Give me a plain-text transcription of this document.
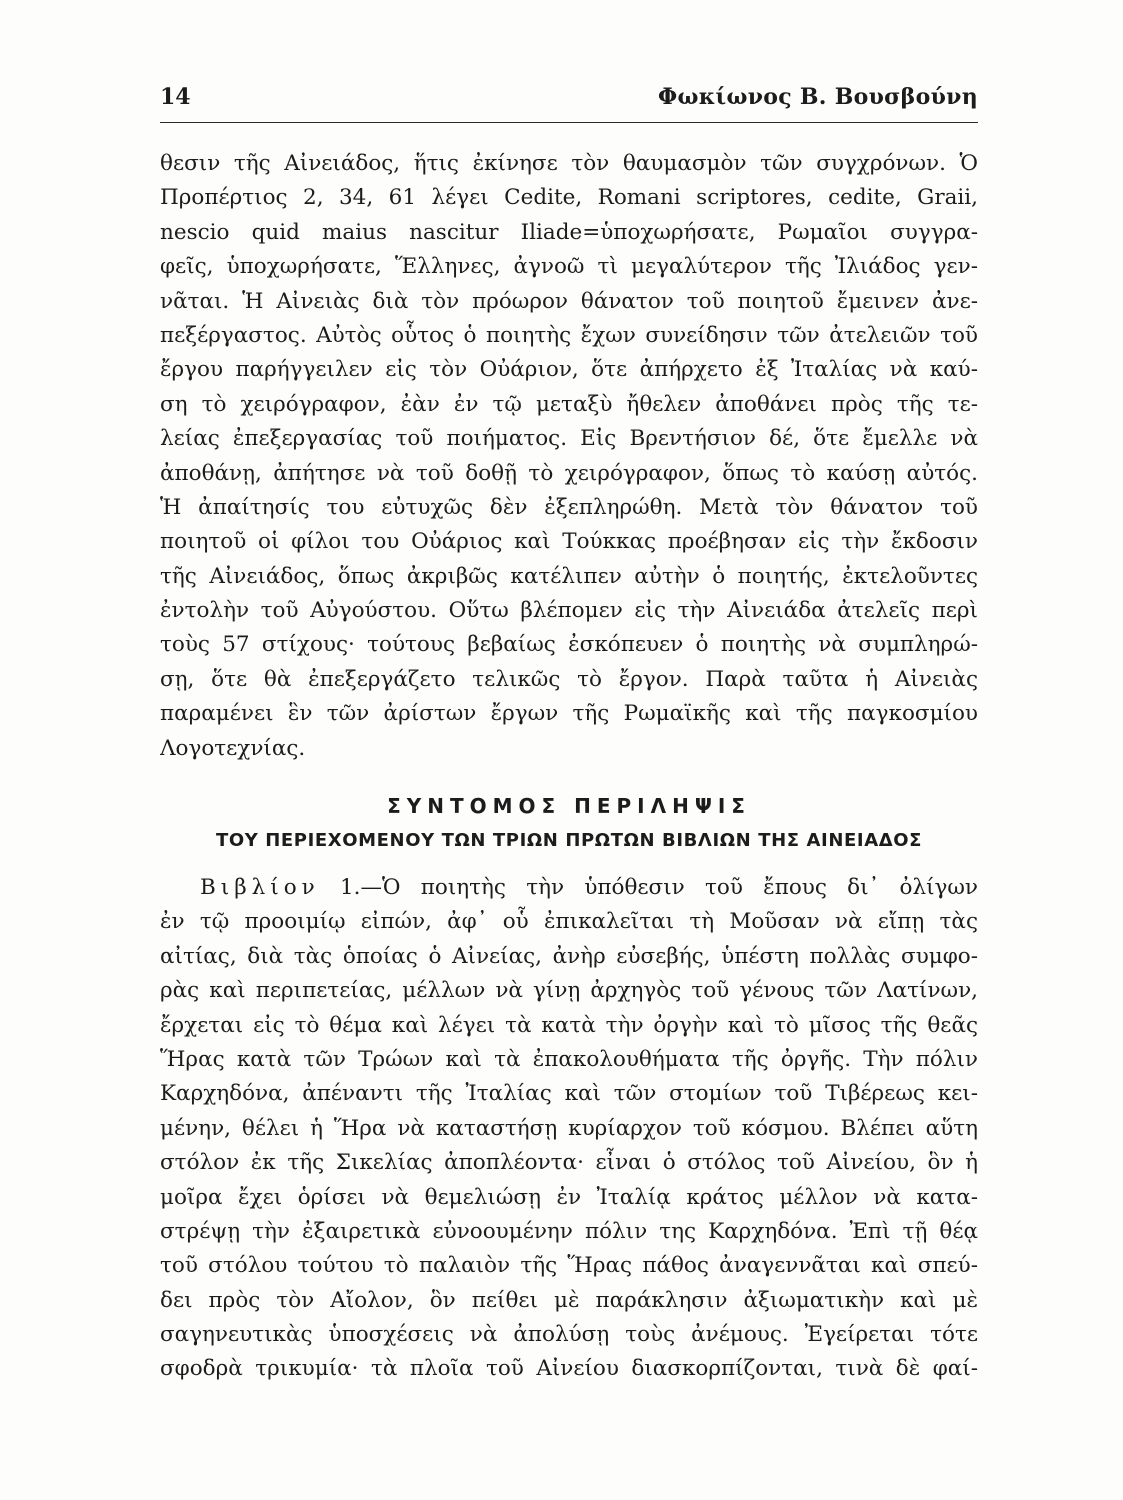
14	Φωκίωνος Β. Βουσβούνη
θεσιν τῆς Αἰνειάδος, ἥτις ἐκίνησε τὸν θαυμασμὸν τῶν συγχρόνων. Ὁ
Προπέρτιος 2, 34, 61 λέγει Cedite, Romani scriptores, cedite, Graii,
nescio quid maius nascitur Iliade=ὑποχωρήσατε, Ρωμαῖοι συγγρα-
φεῖς, ὑποχωρήσατε, Ἕλληνες, ἀγνοῶ τὶ μεγαλύτερον τῆς Ἰλιάδος γεν-
νᾶται. Ἡ Αἰνειὰς διὰ τὸν πρόωρον θάνατον τοῦ ποιητοῦ ἔμεινεν ἀνε-
πεξέργαστος. Αὐτὸς οὗτος ὁ ποιητὴς ἔχων συνείδησιν τῶν ἀτελειῶν τοῦ
ἔργου παρήγγειλεν εἰς τὸν Οὐάριον, ὅτε ἀπήρχετο ἐξ Ἰταλίας νὰ καύ-
ση τὸ χειρόγραφον, ἐὰν ἐν τῷ μεταξὺ ἤθελεν ἀποθάνει πρὸς τῆς τε-
λείας ἐπεξεργασίας τοῦ ποιήματος. Εἰς Βρεντήσιον δέ, ὅτε ἔμελλε νὰ
ἀποθάνῃ, ἀπήτησε νὰ τοῦ δοθῇ τὸ χειρόγραφον, ὅπως τὸ καύσῃ αὐτός.
Ἡ ἀπαίτησίς του εὐτυχῶς δὲν ἐξεπληρώθη. Μετὰ τὸν θάνατον τοῦ
ποιητοῦ οἱ φίλοι του Οὐάριος καὶ Τούκκας προέβησαν εἰς τὴν ἔκδοσιν
τῆς Αἰνειάδος, ὅπως ἀκριβῶς κατέλιπεν αὐτὴν ὁ ποιητής, ἐκτελοῦντες
ἐντολὴν τοῦ Αὐγούστου. Οὕτω βλέπομεν εἰς τὴν Αἰνειάδα ἀτελεῖς περὶ
τοὺς 57 στίχους· τούτους βεβαίως ἐσκόπευεν ὁ ποιητὴς νὰ συμπληρώ-
σῃ, ὅτε θὰ ἐπεξεργάζετο τελικῶς τὸ ἔργον. Παρὰ ταῦτα ἡ Αἰνειὰς
παραμένει ἓν τῶν ἀρίστων ἔργων τῆς Ρωμαϊκῆς καὶ τῆς παγκοσμίου
Λογοτεχνίας.
ΣΥΝΤΟΜΟΣ ΠΕΡΙΛΗΨΙΣ
ΤΟΥ ΠΕΡΙΕΧΟΜΕΝΟΥ ΤΩΝ ΤΡΙΩΝ ΠΡΩΤΩΝ ΒΙΒΛΙΩΝ ΤΗΣ ΑΙΝΕΙΑΔΟΣ
Βιβλίον 1.—Ὁ ποιητὴς τὴν ὑπόθεσιν τοῦ ἔπους δι᾽ ὀλίγων
ἐν τῷ προοιμίῳ εἰπών, ἀφ᾽ οὗ ἐπικαλεῖται τὴ Μοῦσαν νὰ εἴπῃ τὰς
αἰτίας, διὰ τὰς ὁποίας ὁ Αἰνείας, ἀνὴρ εὐσεβής, ὑπέστη πολλὰς συμφο-
ρὰς καὶ περιπετείας, μέλλων νὰ γίνῃ ἀρχηγὸς τοῦ γένους τῶν Λατίνων,
ἔρχεται εἰς τὸ θέμα καὶ λέγει τὰ κατὰ τὴν ὀργὴν καὶ τὸ μῖσος τῆς θεᾶς
Ἥρας κατὰ τῶν Τρώων καὶ τὰ ἐπακολουθήματα τῆς ὀργῆς. Τὴν πόλιν
Καρχηδόνα, ἀπέναντι τῆς Ἰταλίας καὶ τῶν στομίων τοῦ Τιβέρεως κει-
μένην, θέλει ἡ Ἥρα νὰ καταστήσῃ κυρίαρχον τοῦ κόσμου. Βλέπει αὕτη
στόλον ἐκ τῆς Σικελίας ἀποπλέοντα· εἶναι ὁ στόλος τοῦ Αἰνείου, ὃν ἡ
μοῖρα ἔχει ὁρίσει νὰ θεμελιώσῃ ἐν Ἰταλίᾳ κράτος μέλλον νὰ κατα-
στρέψῃ τὴν ἐξαιρετικὰ εὐνοουμένην πόλιν της Καρχηδόνα. Ἐπὶ τῇ θέᾳ
τοῦ στόλου τούτου τὸ παλαιὸν τῆς Ἥρας πάθος ἀναγεννᾶται καὶ σπεύ-
δει πρὸς τὸν Αἴολον, ὃν πείθει μὲ παράκλησιν ἀξιωματικὴν καὶ μὲ
σαγηνευτικὰς ὑποσχέσεις νὰ ἀπολύσῃ τοὺς ἀνέμους. Ἐγείρεται τότε
σφοδρὰ τρικυμία· τὰ πλοῖα τοῦ Αἰνείου διασκορπίζονται, τινὰ δὲ φαί-
